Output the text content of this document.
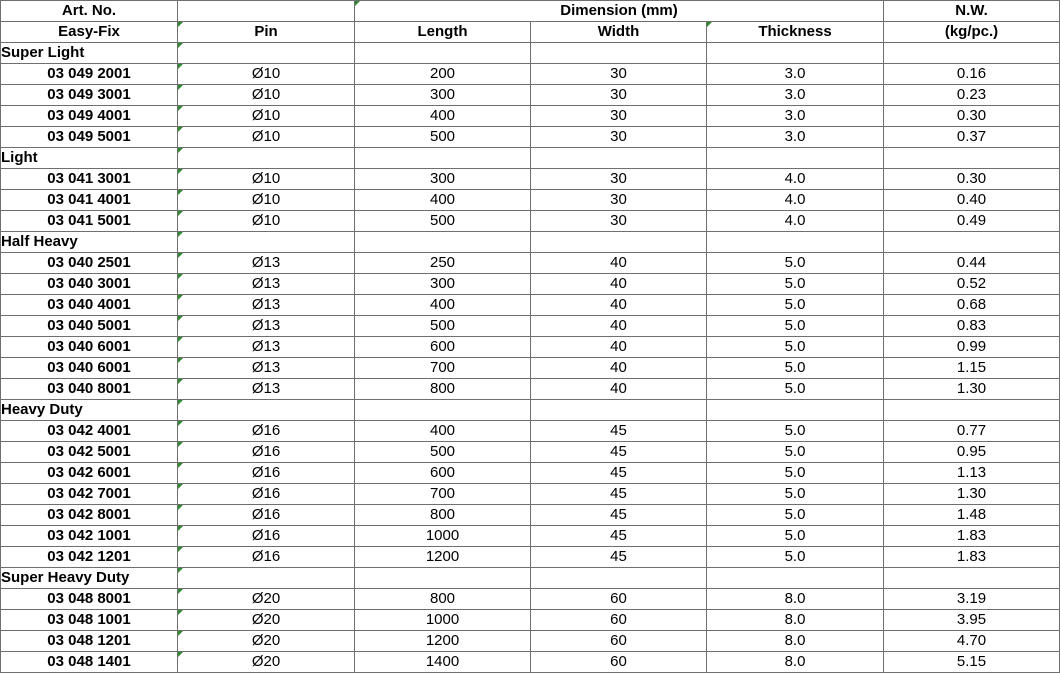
Art. No.		Dimension (mm)			N.W.
Easy-Fix	Pin	Length	Width	Thickness	(kg/pc.)
Super Light					
03 049 2001	Ø10	200	30	3.0	0.16
03 049 3001	Ø10	300	30	3.0	0.23
03 049 4001	Ø10	400	30	3.0	0.30
03 049 5001	Ø10	500	30	3.0	0.37
Light					
03 041 3001	Ø10	300	30	4.0	0.30
03 041 4001	Ø10	400	30	4.0	0.40
03 041 5001	Ø10	500	30	4.0	0.49
Half Heavy					
03 040 2501	Ø13	250	40	5.0	0.44
03 040 3001	Ø13	300	40	5.0	0.52
03 040 4001	Ø13	400	40	5.0	0.68
03 040 5001	Ø13	500	40	5.0	0.83
03 040 6001	Ø13	600	40	5.0	0.99
03 040 6001	Ø13	700	40	5.0	1.15
03 040 8001	Ø13	800	40	5.0	1.30
Heavy Duty					
03 042 4001	Ø16	400	45	5.0	0.77
03 042 5001	Ø16	500	45	5.0	0.95
03 042 6001	Ø16	600	45	5.0	1.13
03 042 7001	Ø16	700	45	5.0	1.30
03 042 8001	Ø16	800	45	5.0	1.48
03 042 1001	Ø16	1000	45	5.0	1.83
03 042 1201	Ø16	1200	45	5.0	1.83
Super Heavy Duty					
03 048 8001	Ø20	800	60	8.0	3.19
03 048 1001	Ø20	1000	60	8.0	3.95
03 048 1201	Ø20	1200	60	8.0	4.70
03 048 1401	Ø20	1400	60	8.0	5.15
